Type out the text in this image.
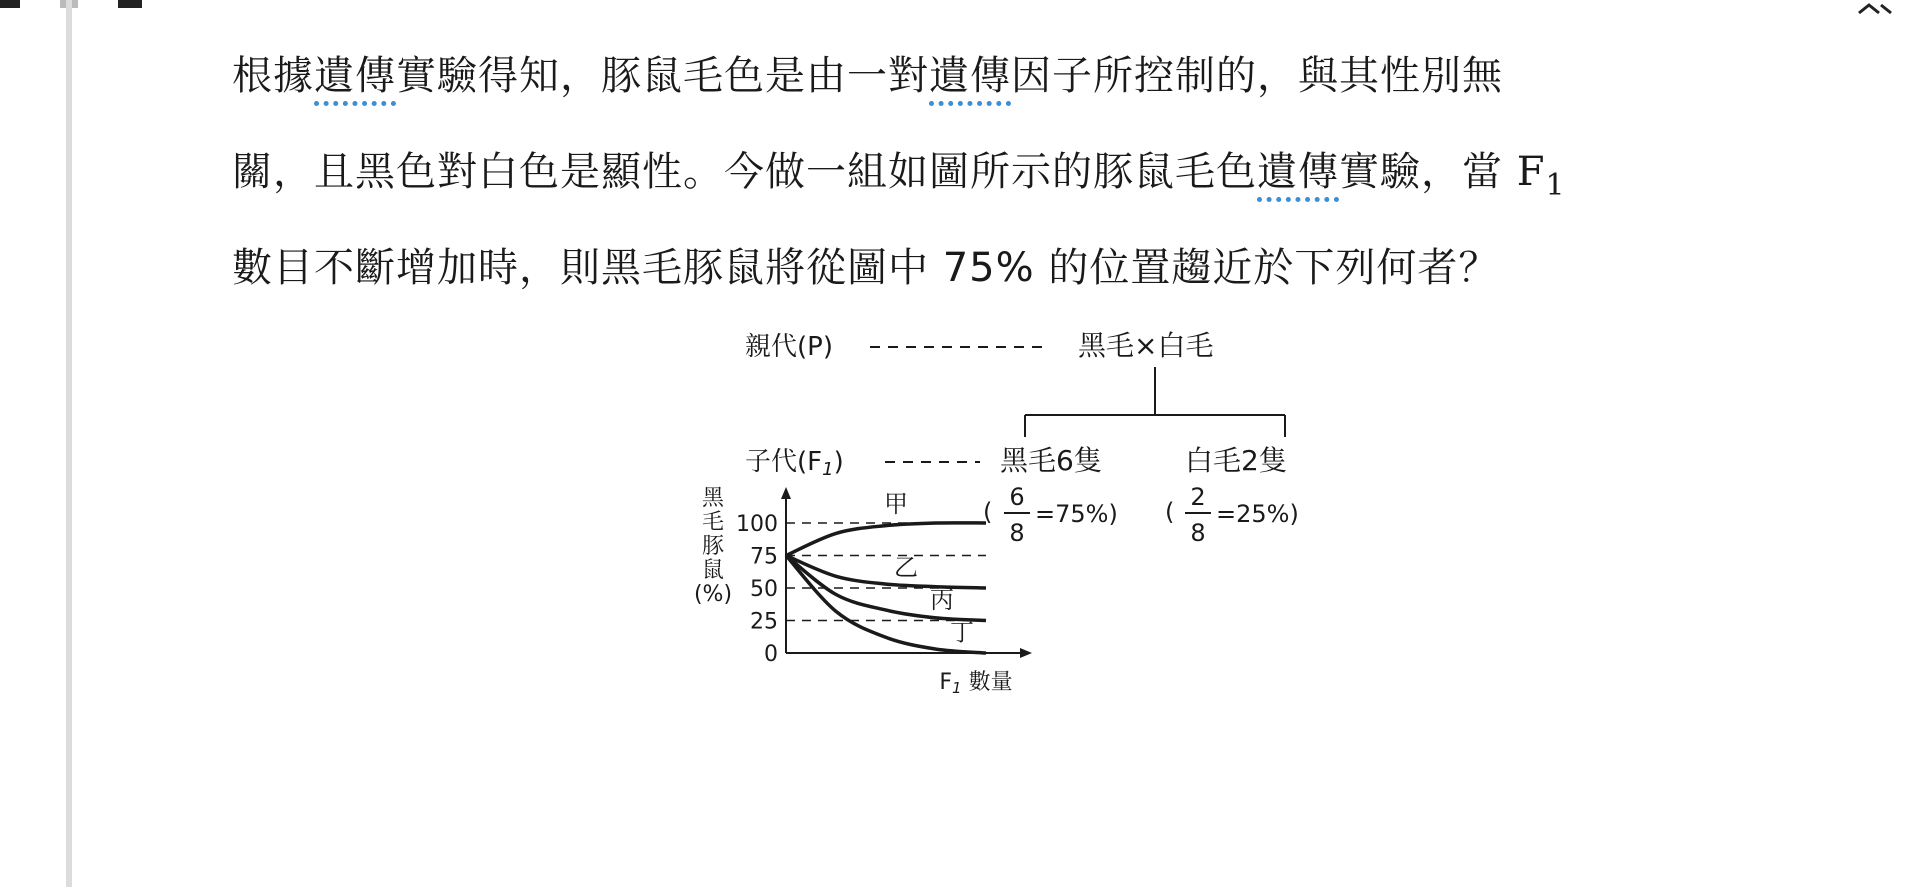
根據遺傳實驗得知，豚鼠毛色是由一對遺傳因子所控制的，與其性別無
關，且黑色對白色是顯性。今做一組如圖所示的豚鼠毛色遺傳實驗，當 $F_1$
數目不斷增加時，則黑毛豚鼠將從圖中 75% 的位置趨近於下列何者？
親代(P)	黑毛×白毛
子代(F1)	黑毛6隻	白毛2隻
(
6
8
=75%) (
2
8
=25%)
黑
毛
豚
鼠
(%)
100
75
50
25
0
甲
乙
丙
丁
F1 數量
